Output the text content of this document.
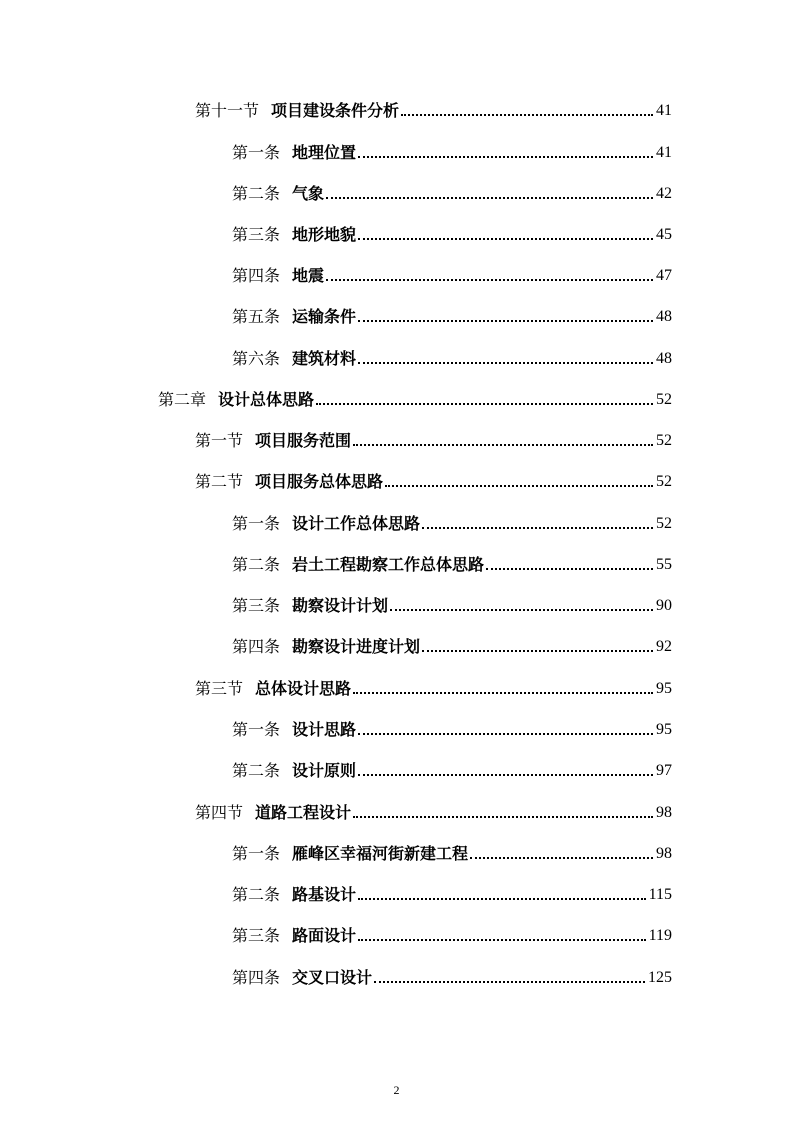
第十一节 项目建设条件分析	41
第一条 地理位置	41
第二条 气象	42
第三条 地形地貌	45
第四条 地震	47
第五条 运输条件	48
第六条 建筑材料	48
第二章 设计总体思路	52
第一节 项目服务范围	52
第二节 项目服务总体思路	52
第一条 设计工作总体思路	52
第二条 岩土工程勘察工作总体思路	55
第三条 勘察设计计划	90
第四条 勘察设计进度计划	92
第三节 总体设计思路	95
第一条 设计思路	95
第二条 设计原则	97
第四节 道路工程设计	98
第一条 雁峰区幸福河街新建工程	98
第二条 路基设计	115
第三条 路面设计	119
第四条 交叉口设计	125
2
